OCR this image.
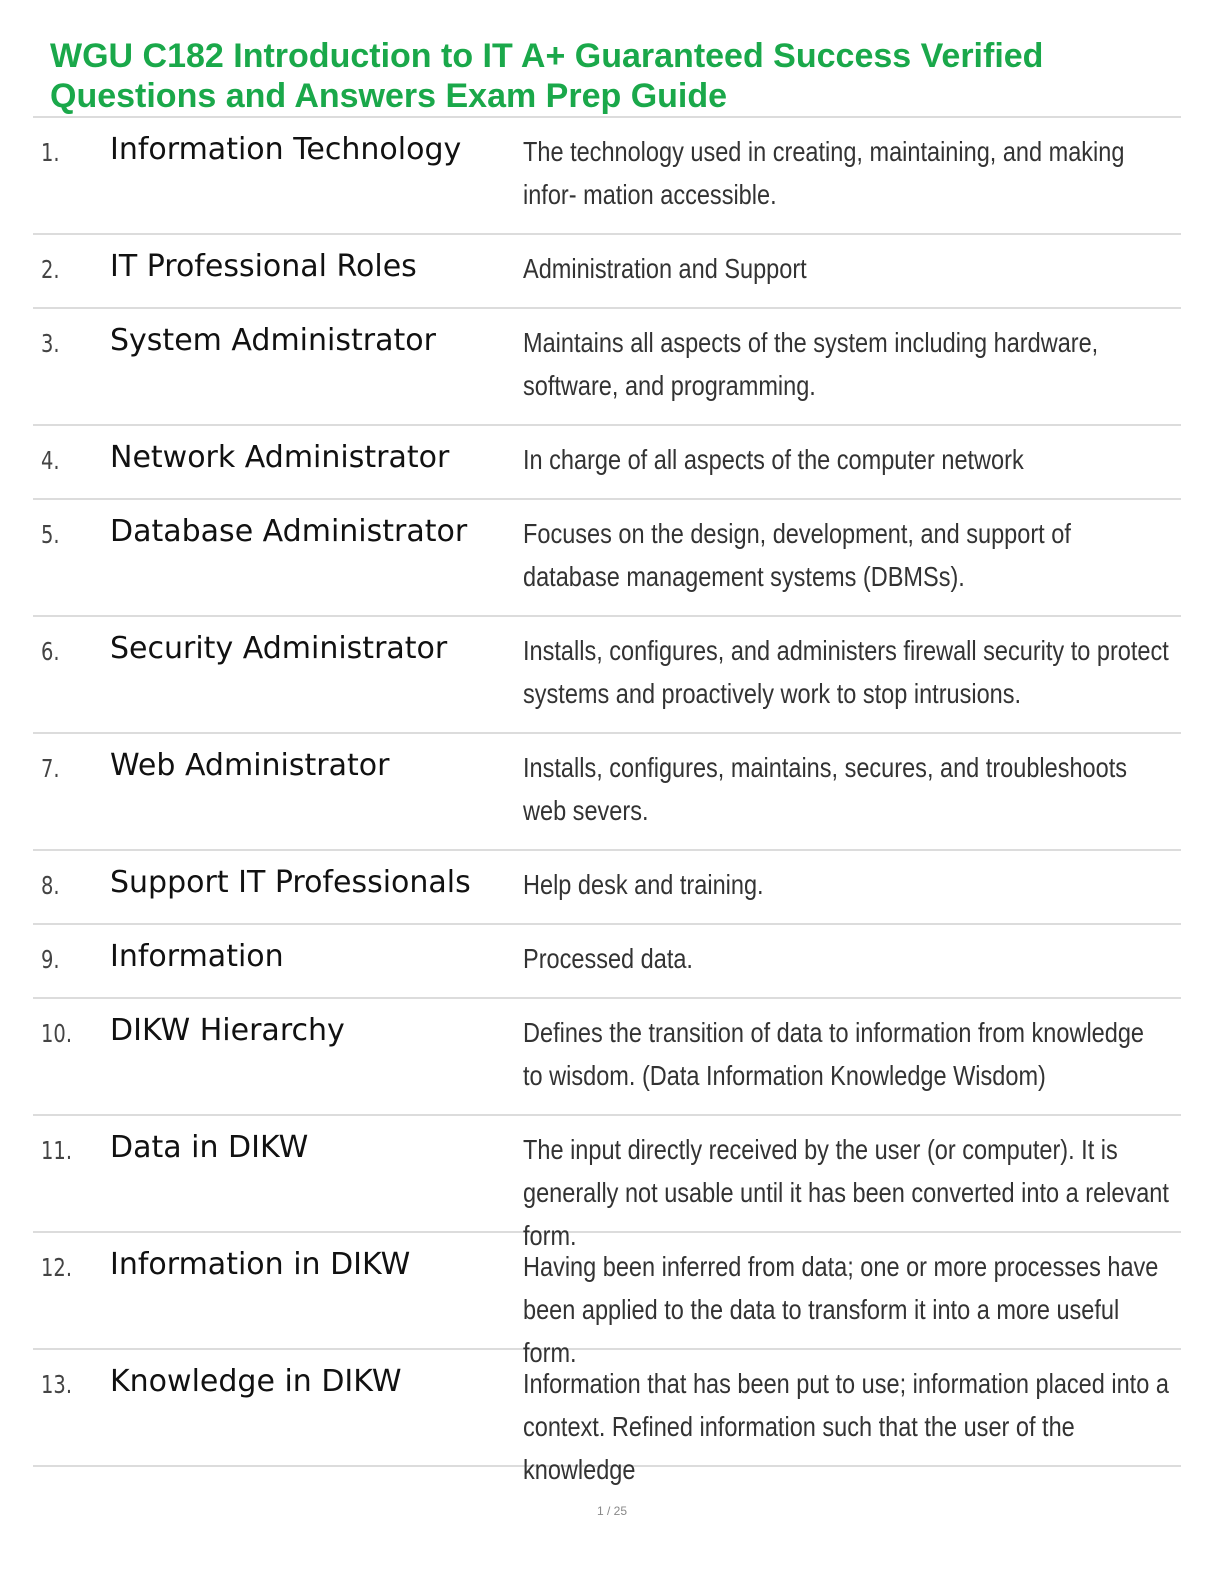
WGU C182 Introduction to IT A+ Guaranteed Success Verified
Questions and Answers Exam Prep Guide
1. Information Technology	The technology used in creating, maintaining, and making infor- mation accessible.
2. IT Professional Roles	Administration and Support
3. System Administrator	Maintains all aspects of the system including hardware, software, and programming.
4. Network Administrator	In charge of all aspects of the computer network
5. Database Administrator	Focuses on the design, development, and support of database management systems (DBMSs).
6. Security Administrator	Installs, configures, and administers firewall security to protect systems and proactively work to stop intrusions.
7. Web Administrator	Installs, configures, maintains, secures, and troubleshoots web severs.
8. Support IT Professionals	Help desk and training.
9. Information	Processed data.
10. DIKW Hierarchy	Defines the transition of data to information from knowledge to wisdom. (Data Information Knowledge Wisdom)
11. Data in DIKW	The input directly received by the user (or computer). It is generally not usable until it has been converted into a relevant form.
12. Information in DIKW	Having been inferred from data; one or more processes have been applied to the data to transform it into a more useful form.
13. Knowledge in DIKW	Information that has been put to use; information placed into a context. Refined information such that the user of the knowledge
1 / 25
